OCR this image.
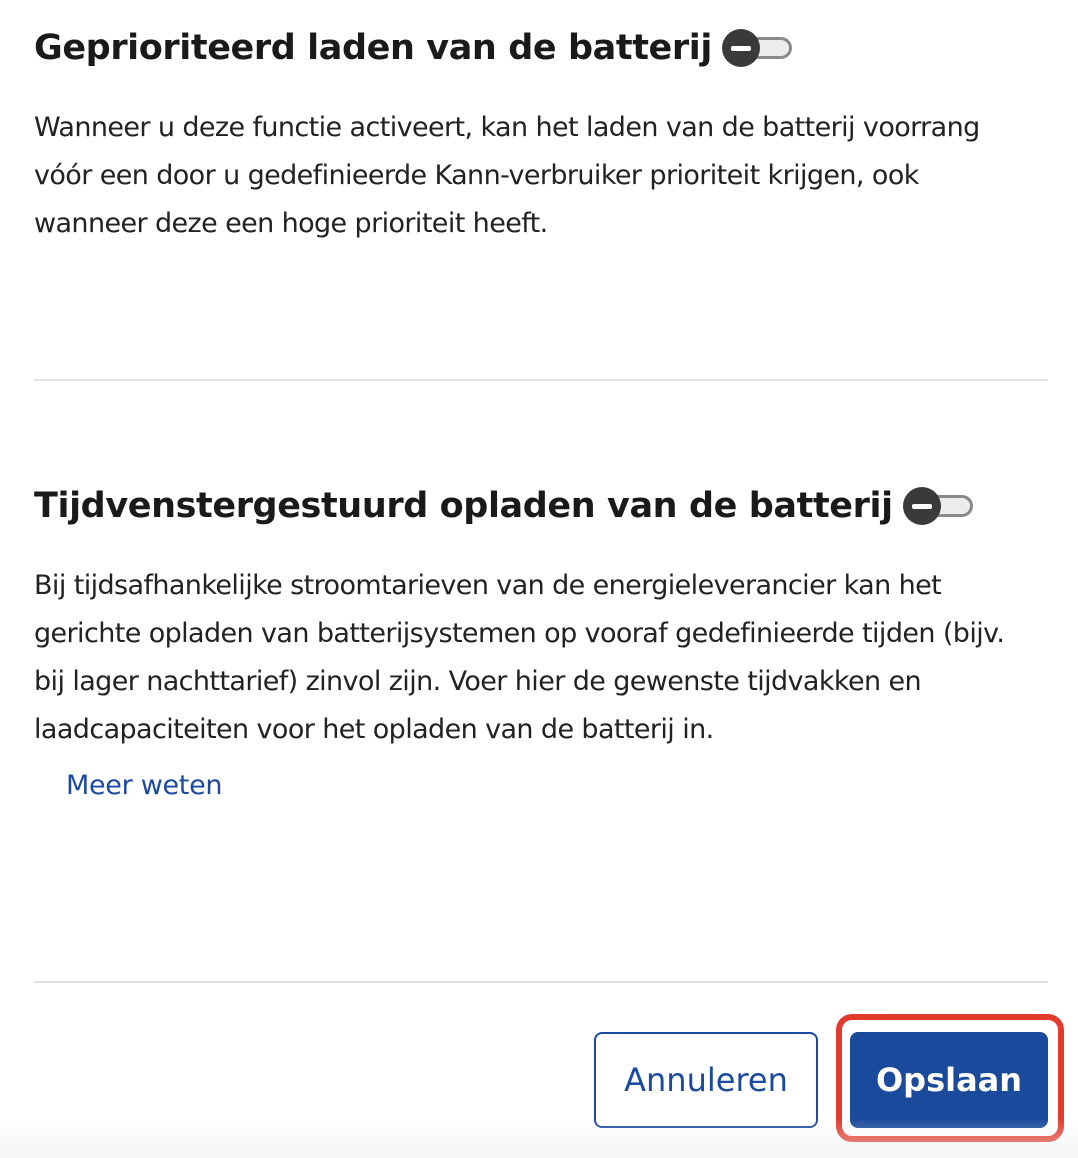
Geprioriteerd laden van de batterij

Wanneer u deze functie activeert, kan het laden van de batterij voorrang
vóór een door u gedefinieerde Kann-verbruiker prioriteit krijgen, ook
wanneer deze een hoge prioriteit heeft.

Tijdvenstergestuurd opladen van de batterij

Bij tijdsafhankelijke stroomtarieven van de energieleverancier kan het
gerichte opladen van batterijsystemen op vooraf gedefinieerde tijden (bijv.
bij lager nachttarief) zinvol zijn. Voer hier de gewenste tijdvakken en
laadcapaciteiten voor het opladen van de batterij in.

Meer weten
Annuleren	Opslaan
